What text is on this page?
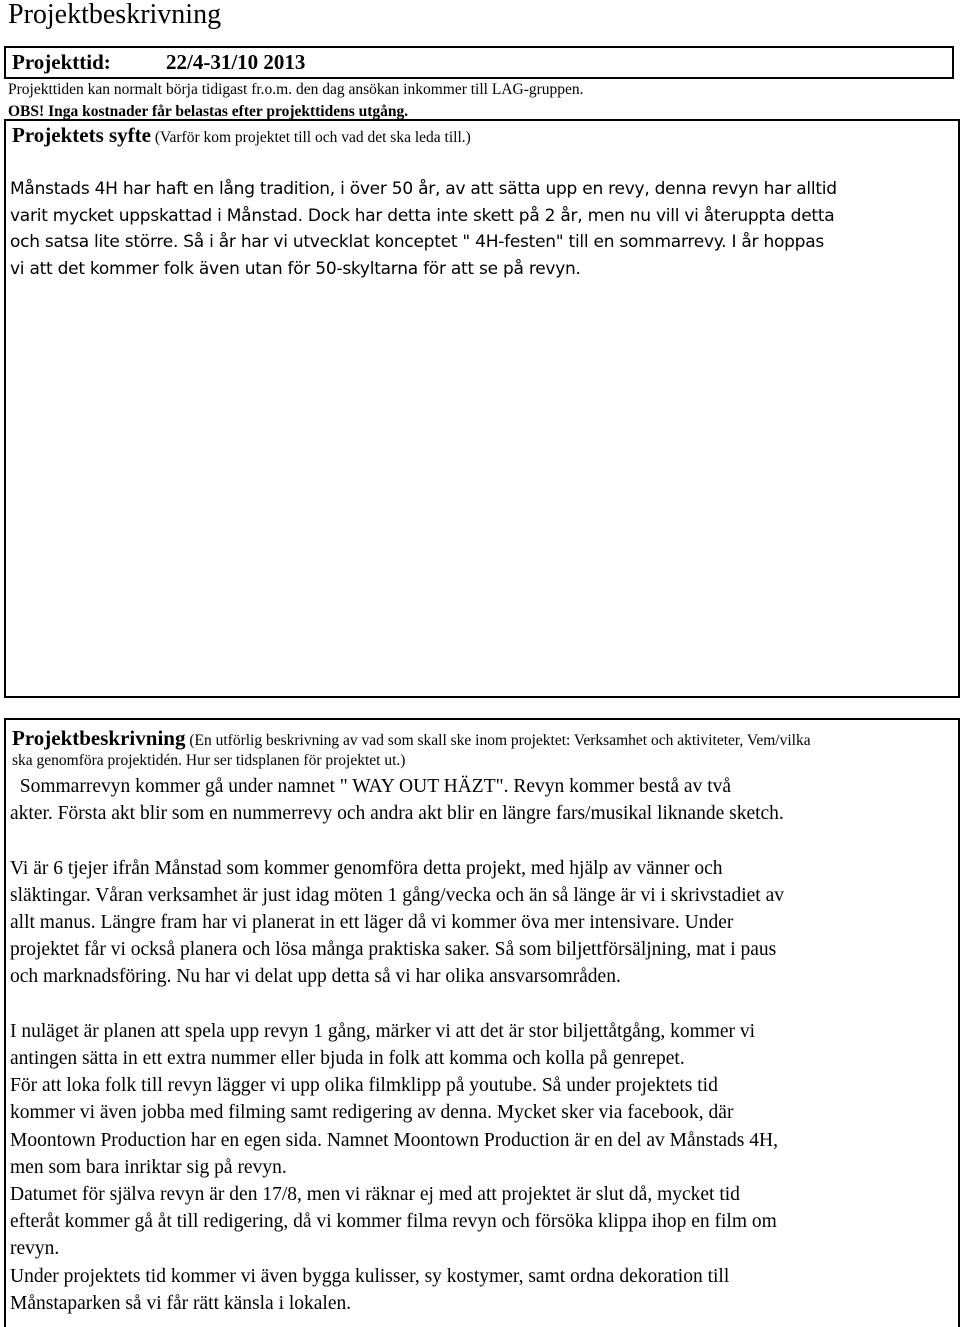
Projektbeskrivning
Projekttid:	22/4-31/10 2013
Projekttiden kan normalt börja tidigast fr.o.m. den dag ansökan inkommer till LAG-gruppen.
OBS! Inga kostnader får belastas efter projekttidens utgång.
Projektets syfte (Varför kom projektet till och vad det ska leda till.)
Månstads 4H har haft en lång tradition, i över 50 år, av att sätta upp en revy, denna revyn har alltid
varit mycket uppskattad i Månstad. Dock har detta inte skett på 2 år, men nu vill vi återuppta detta
och satsa lite större. Så i år har vi utvecklat konceptet " 4H-festen" till en sommarrevy. I år hoppas
vi att det kommer folk även utan för 50-skyltarna för att se på revyn.
Projektbeskrivning (En utförlig beskrivning av vad som skall ske inom projektet: Verksamhet och aktiviteter, Vem/vilka
ska genomföra projektidén. Hur ser tidsplanen för projektet ut.)
Sommarrevyn kommer gå under namnet " WAY OUT HÄZT". Revyn kommer bestå av två
akter. Första akt blir som en nummerrevy och andra akt blir en längre fars/musikal liknande sketch.
Vi är 6 tjejer ifrån Månstad som kommer genomföra detta projekt, med hjälp av vänner och
släktingar. Våran verksamhet är just idag möten 1 gång/vecka och än så länge är vi i skrivstadiet av
allt manus. Längre fram har vi planerat in ett läger då vi kommer öva mer intensivare. Under
projektet får vi också planera och lösa många praktiska saker. Så som biljettförsäljning, mat i paus
och marknadsföring. Nu har vi delat upp detta så vi har olika ansvarsområden.
I nuläget är planen att spela upp revyn 1 gång, märker vi att det är stor biljettåtgång, kommer vi
antingen sätta in ett extra nummer eller bjuda in folk att komma och kolla på genrepet.
För att loka folk till revyn lägger vi upp olika filmklipp på youtube. Så under projektets tid
kommer vi även jobba med filming samt redigering av denna. Mycket sker via facebook, där
Moontown Production har en egen sida. Namnet Moontown Production är en del av Månstads 4H,
men som bara inriktar sig på revyn.
Datumet för själva revyn är den 17/8, men vi räknar ej med att projektet är slut då, mycket tid
efteråt kommer gå åt till redigering, då vi kommer filma revyn och försöka klippa ihop en film om
revyn.
Under projektets tid kommer vi även bygga kulisser, sy kostymer, samt ordna dekoration till
Månstaparken så vi får rätt känsla i lokalen.
